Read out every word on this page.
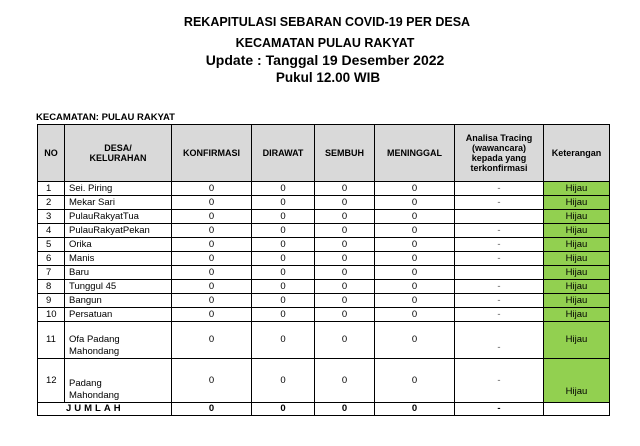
REKAPITULASI SEBARAN COVID-19 PER DESA
KECAMATAN PULAU RAKYAT
Update : Tanggal 19 Desember 2022
Pukul 12.00 WIB
KECAMATAN: PULAU RAKYAT
NO	DESA/
KELURAHAN	KONFIRMASI	DIRAWAT	SEMBUH	MENINGGAL	Analisa Tracing
(wawancara)
kepada yang
terkonfirmasi	Keterangan
1	Sei. Piring	0	0	0	0	-	Hijau
2	Mekar Sari	0	0	0	0	-	Hijau
3	PulauRakyatTua	0	0	0	0		Hijau
4	PulauRakyatPekan	0	0	0	0	-	Hijau
5	Orika	0	0	0	0	-	Hijau
6	Manis	0	0	0	0	-	Hijau
7	Baru	0	0	0	0		Hijau
8	Tunggul 45	0	0	0	0	-	Hijau
9	Bangun	0	0	0	0	-	Hijau
10	Persatuan	0	0	0	0	-	Hijau
11	Ofa Padang
Mahondang	0	0	0	0	-	Hijau
12	Padang
Mahondang	0	0	0	0	-	Hijau
JUMLAH		0	0	0	0	-	
